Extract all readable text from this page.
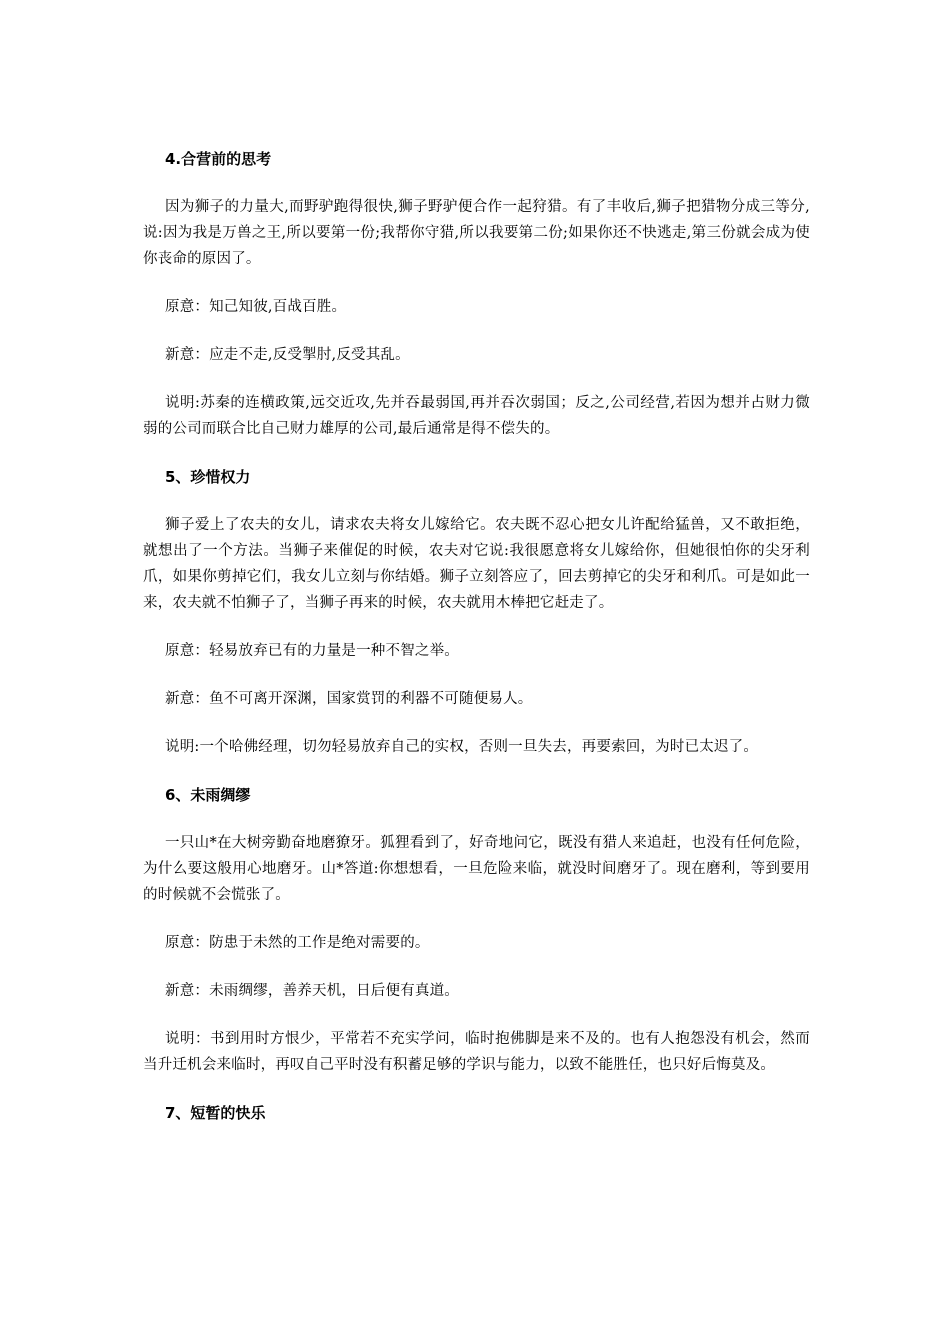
4.合营前的思考

因为狮子的力量大,而野驴跑得很快,狮子野驴便合作一起狩猎。有了丰收后,狮子把猎物分成三等分,说:因为我是万兽之王,所以要第一份;我帮你守猎,所以我要第二份;如果你还不快逃走,第三份就会成为使你丧命的原因了。

原意：知己知彼,百战百胜。

新意：应走不走,反受掣肘,反受其乱。

说明:苏秦的连横政策,远交近攻,先并吞最弱国,再并吞次弱国；反之,公司经营,若因为想并占财力微弱的公司而联合比自己财力雄厚的公司,最后通常是得不偿失的。

5、珍惜权力

狮子爱上了农夫的女儿，请求农夫将女儿嫁给它。农夫既不忍心把女儿许配给猛兽，又不敢拒绝，就想出了一个方法。当狮子来催促的时候，农夫对它说:我很愿意将女儿嫁给你，但她很怕你的尖牙利爪，如果你剪掉它们，我女儿立刻与你结婚。狮子立刻答应了，回去剪掉它的尖牙和利爪。可是如此一来，农夫就不怕狮子了，当狮子再来的时候，农夫就用木棒把它赶走了。

原意：轻易放弃已有的力量是一种不智之举。

新意：鱼不可离开深渊，国家赏罚的利器不可随便易人。

说明:一个哈佛经理，切勿轻易放弃自己的实权，否则一旦失去，再要索回，为时已太迟了。

6、未雨绸缪

一只山*在大树旁勤奋地磨獠牙。狐狸看到了，好奇地问它，既没有猎人来追赶，也没有任何危险，为什么要这般用心地磨牙。山*答道:你想想看，一旦危险来临，就没时间磨牙了。现在磨利，等到要用的时候就不会慌张了。

原意：防患于未然的工作是绝对需要的。

新意：未雨绸缪，善养天机，日后便有真道。

说明：书到用时方恨少，平常若不充实学问，临时抱佛脚是来不及的。也有人抱怨没有机会，然而当升迁机会来临时，再叹自己平时没有积蓄足够的学识与能力，以致不能胜任，也只好后悔莫及。

7、短暂的快乐
